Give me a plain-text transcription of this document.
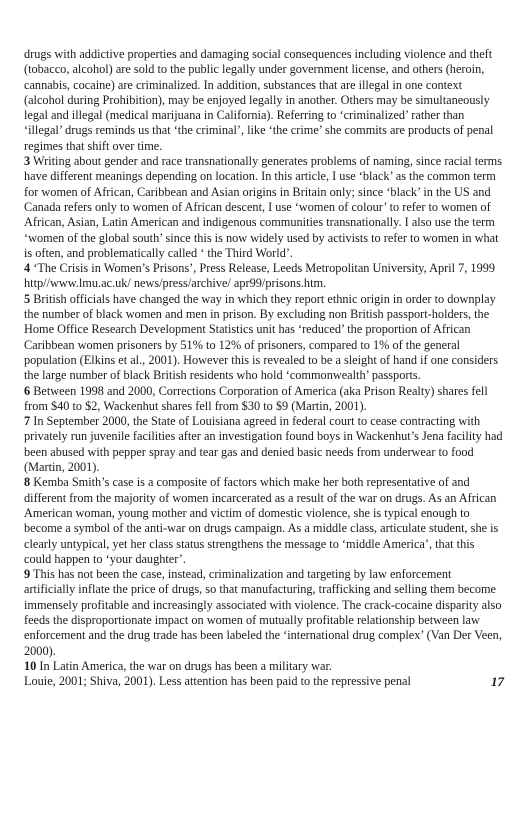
drugs with addictive properties and damaging social consequences including violence and theft (tobacco, alcohol) are sold to the public legally under government license, and others (heroin, cannabis, cocaine) are criminalized. In addition, substances that are illegal in one context (alcohol during Prohibition), may be enjoyed legally in another. Others may be simultaneously legal and illegal (medical marijuana in California). Referring to ‘criminalized’ rather than ‘illegal’ drugs reminds us that ‘the criminal’, like ‘the crime’ she commits are products of penal regimes that shift over time.

3 Writing about gender and race transnationally generates problems of naming, since racial terms have different meanings depending on location. In this article, I use ‘black’ as the common term for women of African, Caribbean and Asian origins in Britain only; since ‘black’ in the US and Canada refers only to women of African descent, I use ‘women of colour’ to refer to women of African, Asian, Latin American and indigenous communities transnationally. I also use the term ‘women of the global south’ since this is now widely used by activists to refer to women in what is often, and problematically called ‘ the Third World’.

4 ‘The Crisis in Women’s Prisons’, Press Release, Leeds Metropolitan University, April 7, 1999 http//www.lmu.ac.uk/ news/press/archive/ apr99/prisons.htm.

5 British officials have changed the way in which they report ethnic origin in order to downplay the number of black women and men in prison. By excluding non British passport-holders, the Home Office Research Development Statistics unit has ‘reduced’ the proportion of African Caribbean women prisoners by 51% to 12% of prisoners, compared to 1% of the general population (Elkins et al., 2001). However this is revealed to be a sleight of hand if one considers the large number of black British residents who hold ‘commonwealth’ passports.

6 Between 1998 and 2000, Corrections Corporation of America (aka Prison Realty) shares fell from $40 to $2, Wackenhut shares fell from $30 to $9 (Martin, 2001).

7 In September 2000, the State of Louisiana agreed in federal court to cease contracting with privately run juvenile facilities after an investigation found boys in Wackenhut’s Jena facility had been abused with pepper spray and tear gas and denied basic needs from underwear to food (Martin, 2001).

8 Kemba Smith’s case is a composite of factors which make her both representative of and different from the majority of women incarcerated as a result of the war on drugs. As an African American woman, young mother and victim of domestic violence, she is typical enough to become a symbol of the anti-war on drugs campaign. As a middle class, articulate student, she is clearly untypical, yet her class status strengthens the message to ‘middle America’, that this could happen to ‘your daughter’.

9 This has not been the case, instead, criminalization and targeting by law enforcement artificially inflate the price of drugs, so that manufacturing, trafficking and selling them become immensely profitable and increasingly associated with violence. The crack-cocaine disparity also feeds the disproportionate impact on women of mutually profitable relationship between law enforcement and the drug trade has been labeled the ‘international drug complex’ (Van Der Veen, 2000).

10 In Latin America, the war on drugs has been a military war.

Louie, 2001; Shiva, 2001). Less attention has been paid to the repressive penal	17
